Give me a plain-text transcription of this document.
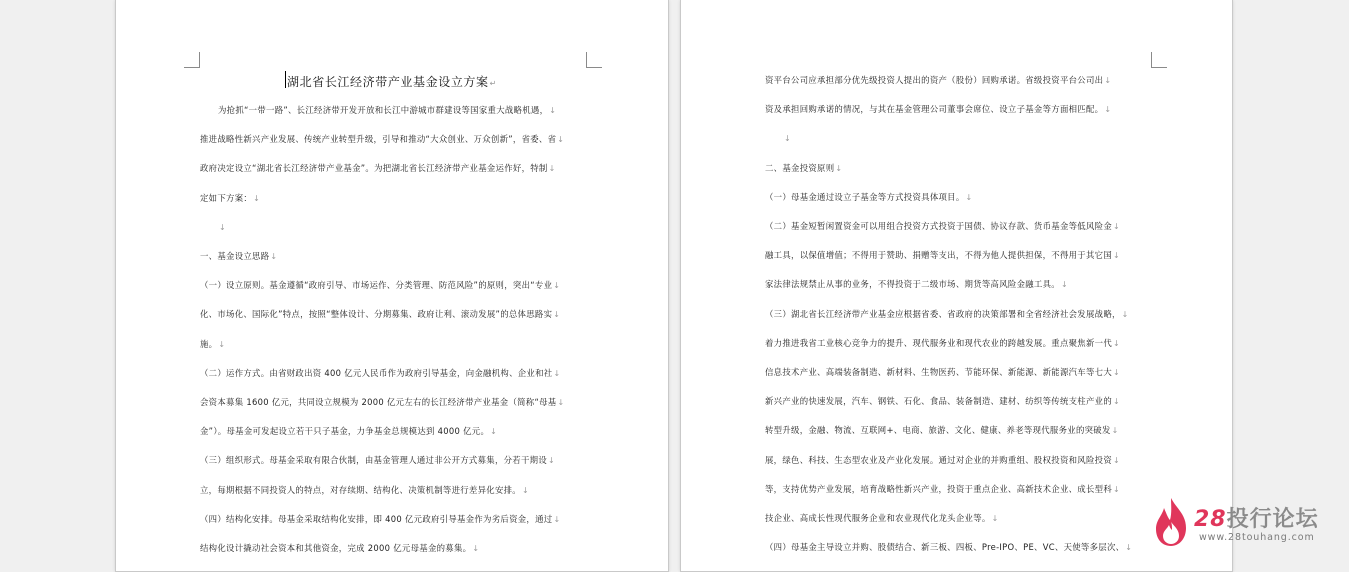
湖北省长江经济带产业基金设立方案↵
为抢抓“一带一路”、长江经济带开发开放和长江中游城市群建设等国家重大战略机遇，↓
推进战略性新兴产业发展、传统产业转型升级，引导和推动“大众创业、万众创新”，省委、省↓
政府决定设立“湖北省长江经济带产业基金”。为把湖北省长江经济带产业基金运作好，特制↓
定如下方案：↓
↓
一、基金设立思路↓
（一）设立原则。基金遵循“政府引导、市场运作、分类管理、防范风险”的原则，突出“专业↓
化、市场化、国际化”特点，按照“整体设计、分期募集、政府让利、滚动发展”的总体思路实↓
施。↓
（二）运作方式。由省财政出资 400 亿元人民币作为政府引导基金，向金融机构、企业和社↓
会资本募集 1600 亿元，共同设立规模为 2000 亿元左右的长江经济带产业基金（简称“母基↓
金”）。母基金可发起设立若干只子基金，力争基金总规模达到 4000 亿元。↓
（三）组织形式。母基金采取有限合伙制，由基金管理人通过非公开方式募集，分若干期设↓
立，每期根据不同投资人的特点，对存续期、结构化、决策机制等进行差异化安排。↓
（四）结构化安排。母基金采取结构化安排，即 400 亿元政府引导基金作为劣后资金，通过↓
结构化设计撬动社会资本和其他资金，完成 2000 亿元母基金的募集。↓
资平台公司应承担部分优先级投资人提出的资产（股份）回购承诺。省级投资平台公司出↓
资及承担回购承诺的情况，与其在基金管理公司董事会席位、设立子基金等方面相匹配。↓
↓
二、基金投资原则↓
（一）母基金通过设立子基金等方式投资具体项目。↓
（二）基金短暂闲置资金可以用组合投资方式投资于国债、协议存款、货币基金等低风险金↓
融工具，以保值增值；不得用于赞助、捐赠等支出，不得为他人提供担保，不得用于其它国↓
家法律法规禁止从事的业务，不得投资于二级市场、期货等高风险金融工具。↓
（三）湖北省长江经济带产业基金应根据省委、省政府的决策部署和全省经济社会发展战略，↓
着力推进我省工业核心竞争力的提升、现代服务业和现代农业的跨越发展。重点聚焦新一代↓
信息技术产业、高端装备制造、新材料、生物医药、节能环保、新能源、新能源汽车等七大↓
新兴产业的快速发展，汽车、钢铁、石化、食品、装备制造、建材、纺织等传统支柱产业的↓
转型升级，金融、物流、互联网+、电商、旅游、文化、健康、养老等现代服务业的突破发↓
展，绿色、科技、生态型农业及产业化发展。通过对企业的并购重组、股权投资和风险投资↓
等，支持优势产业发展，培育战略性新兴产业，投资于重点企业、高新技术企业、成长型科↓
技企业、高成长性现代服务企业和农业现代化龙头企业等。↓
（四）母基金主导设立并购、股债结合、新三板、四板、Pre-IPO、PE、VC、天使等多层次、↓
28投行论坛
www.28touhang.com
